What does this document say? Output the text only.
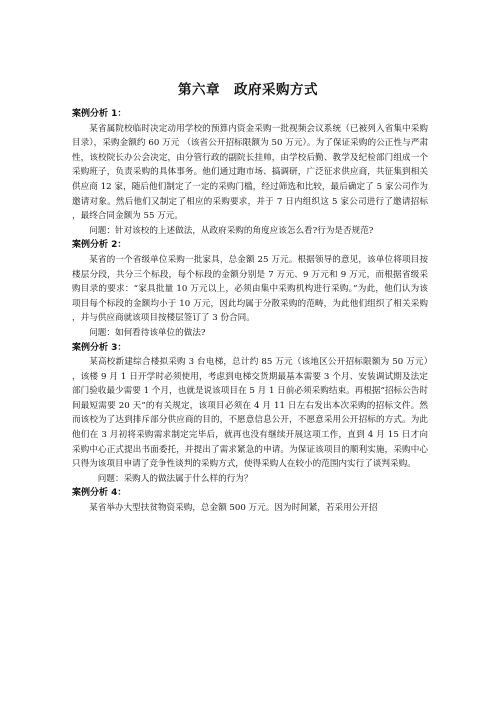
第六章　政府采购方式

案例分析 1：

某省属院校临时决定动用学校的预算内资金采购一批视频会议系统（已被列入省集中采购目录），采购金额约 60 万元 （该省公开招标限额为 50 万元）。为了保证采购的公正性与严肃性，该校院长办公会决定，由分管行政的副院长挂帅，由学校后勤、教学及纪检部门组成一个采购班子，负责采购的具体事务。他们通过跑市场、搞调研，广泛征求供应商，共征集到相关供应商 12 家，随后他们制定了一定的采购门槛，经过筛选和比较，最后确定了 5 家公司作为邀请对象。然后他们又制定了相应的采购要求，并于 7 日内组织这 5 家公司进行了邀请招标，最终合同金额为 55 万元。

问题：针对该校的上述做法，从政府采购的角度应该怎么看?行为是否规范?

案例分析 2：

某省的一个省级单位采购一批家具，总金额 25 万元。根据领导的意见，该单位将项目按楼层分段，共分三个标段，每个标段的金额分别是 7 万元、9 万元和 9 万元，而根据省级采购目录的要求：“家具批量 10 万元以上，必须由集中采购机构进行采购。”为此，他们认为该项目每个标段的金额均小于 10 万元，因此均属于分散采购的范畴，为此他们组织了相关采购，并与供应商就该项目按楼层签订了 3 份合同。

问题：如何看待该单位的做法?

案例分析 3：

某高校新建综合楼拟采购 3 台电梯，总计约 85 万元（该地区公开招标限额为 50 万元），该楼 9 月 1 日开学时必须使用，考虑到电梯交货期最基本需要 3 个月、安装调试期及法定部门验收最少需要 1 个月，也就是说该项目在 5 月 1 日前必须采购结束。再根据“招标公告时间最短需要 20 天”的有关规定，该项目必须在 4 月 11 日左右发出本次采购的招标文件。然而该校为了达到排斥部分供应商的目的，不愿意信息公开，不愿意采用公开招标的方式。为此他们在 3 月初将采购需求制定完毕后，就再也没有继续开展这项工作，直到 4 月 15 日才向采购中心正式提出书面委托，并提出了需求紧急的申请。为保证该项目的顺利实施，采购中心只得为该项目申请了竞争性谈判的采购方式，使得采购人在较小的范围内实行了谈判采购。

问题：采购人的做法属于什么样的行为？

案例分析 4：

某省举办大型扶贫物资采购，总金额 500 万元。因为时间紧，若采用公开招
